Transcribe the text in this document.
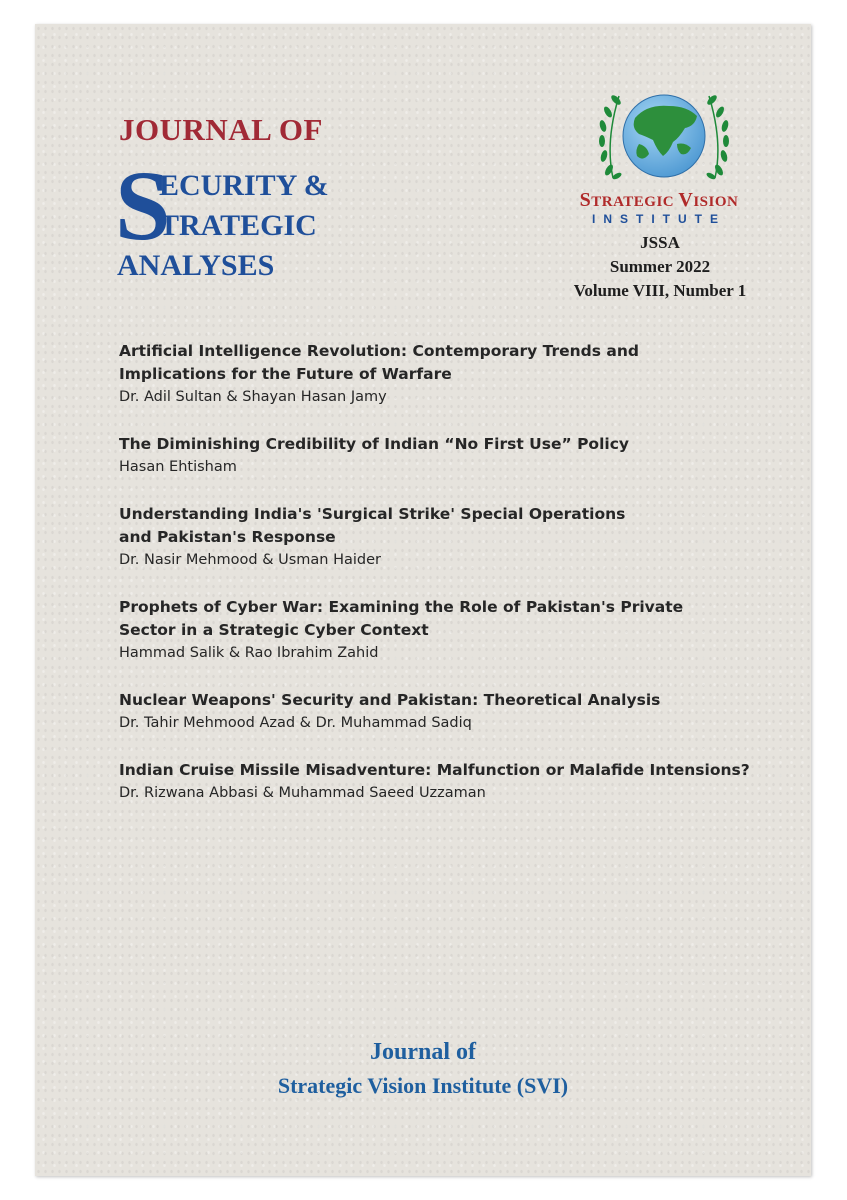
JOURNAL OF
S
ECURITY &
TRATEGIC
ANALYSES
STRATEGIC VISION
INSTITUTE
JSSA
Summer 2022
Volume VIII, Number 1

Artificial Intelligence Revolution: Contemporary Trends and
Implications for the Future of Warfare

Dr. Adil Sultan & Shayan Hasan Jamy

The Diminishing Credibility of Indian “No First Use” Policy

Hasan Ehtisham

Understanding India's 'Surgical Strike' Special Operations
and Pakistan's Response

Dr. Nasir Mehmood & Usman Haider

Prophets of Cyber War: Examining the Role of Pakistan's Private
Sector in a Strategic Cyber Context

Hammad Salik & Rao Ibrahim Zahid

Nuclear Weapons' Security and Pakistan: Theoretical Analysis

Dr. Tahir Mehmood Azad & Dr. Muhammad Sadiq

Indian Cruise Missile Misadventure: Malfunction or Malafide Intensions?

Dr. Rizwana Abbasi & Muhammad Saeed Uzzaman

Journal of
Strategic Vision Institute (SVI)
